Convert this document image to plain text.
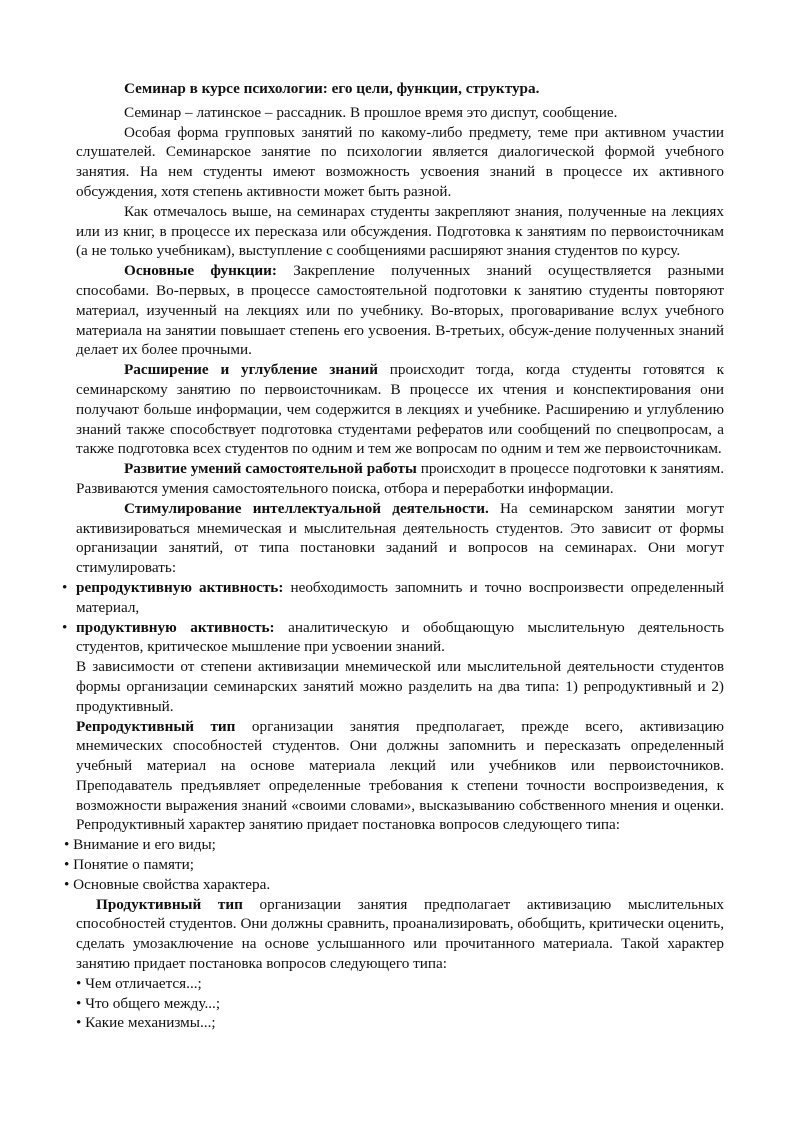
Семинар в курсе психологии: его цели, функции, структура.

Семинар – латинское – рассадник. В прошлое время это диспут, сообщение.

Особая форма групповых занятий по какому-либо предмету, теме при активном участии слушателей. Семинарское занятие по психологии является диалогической формой учебного занятия. На нем студенты имеют возможность усвоения знаний в процессе их активного обсуждения, хотя степень активности может быть разной.

Как отмечалось выше, на семинарах студенты закрепляют знания, полученные на лекциях или из книг, в процессе их пересказа или обсуждения. Подготовка к занятиям по первоисточникам (а не только учебникам), выступление с сообщениями расширяют знания студентов по курсу.

Основные функции: Закрепление полученных знаний осуществляется разными способами. Во-первых, в процессе самостоятельной подготовки к занятию студенты повторяют материал, изученный на лекциях или по учебнику. Во-вторых, проговаривание вслух учебного материала на занятии повышает степень его усвоения. В-третьих, обсуж-дение полученных знаний делает их более прочными.

Расширение и углубление знаний происходит тогда, когда студенты готовятся к семинарскому занятию по первоисточникам. В процессе их чтения и конспектирования они получают больше информации, чем содержится в лекциях и учебнике. Расширению и углублению знаний также способствует подготовка студентами рефератов или сообщений по спецвопросам, а также подготовка всех студентов по одним и тем же вопросам по одним и тем же первоисточникам.

Развитие умений самостоятельной работы происходит в процессе подготовки к занятиям. Развиваются умения самостоятельного поиска, отбора и переработки информации.

Стимулирование интеллектуальной деятельности. На семинарском занятии могут активизироваться мнемическая и мыслительная деятельность студентов. Это зависит от формы организации занятий, от типа постановки заданий и вопросов на семинарах. Они могут стимулировать:

• репродуктивную активность: необходимость запомнить и точно воспроизвести определенный материал,

• продуктивную активность: аналитическую и обобщающую мыслительную деятельность студентов, критическое мышление при усвоении знаний.

В зависимости от степени активизации мнемической или мыслительной деятельности студентов формы организации семинарских занятий можно разделить на два типа: 1) репродуктивный и 2) продуктивный.

Репродуктивный тип организации занятия предполагает, прежде всего, активизацию мнемических способностей студентов. Они должны запомнить и пересказать определенный учебный материал на основе материала лекций или учебников или первоисточников. Преподаватель предъявляет определенные требования к степени точности воспроизведения, к возможности выражения знаний «своими словами», высказыванию собственного мнения и оценки. Репродуктивный характер занятию придает постановка вопросов следующего типа:

• Внимание и его виды;

• Понятие о памяти;

• Основные свойства характера.

Продуктивный тип организации занятия предполагает активизацию мыслительных способностей студентов. Они должны сравнить, проанализировать, обобщить, критически оценить, сделать умозаключение на основе услышанного или прочитанного материала. Такой характер занятию придает постановка вопросов следующего типа:

• Чем отличается...;

• Что общего между...;

• Какие механизмы...;
